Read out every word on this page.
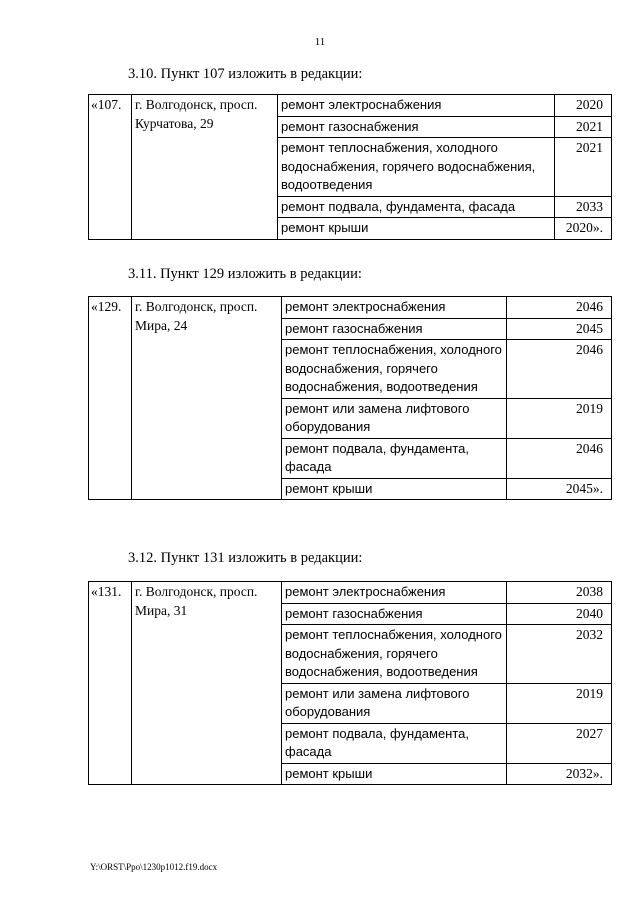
11
3.10. Пункт 107 изложить в редакции:
«107.	г. Волгодонск, просп. Курчатова, 29	ремонт электроснабжения	2020
		ремонт газоснабжения	2021
		ремонт теплоснабжения, холодного водоснабжения, горячего водоснабжения, водоотведения	2021
		ремонт подвала, фундамента, фасада	2033
		ремонт крыши	2020».
3.11. Пункт 129 изложить в редакции:
«129.	г. Волгодонск, просп. Мира, 24	ремонт электроснабжения	2046
		ремонт газоснабжения	2045
		ремонт теплоснабжения, холодного водоснабжения, горячего водоснабжения, водоотведения	2046
		ремонт или замена лифтового оборудования	2019
		ремонт подвала, фундамента, фасада	2046
		ремонт крыши	2045».
3.12. Пункт 131 изложить в редакции:
«131.	г. Волгодонск, просп. Мира, 31	ремонт электроснабжения	2038
		ремонт газоснабжения	2040
		ремонт теплоснабжения, холодного водоснабжения, горячего водоснабжения, водоотведения	2032
		ремонт или замена лифтового оборудования	2019
		ремонт подвала, фундамента, фасада	2027
		ремонт крыши	2032».
Y:\ORST\Ppo\1230p1012.f19.docx
